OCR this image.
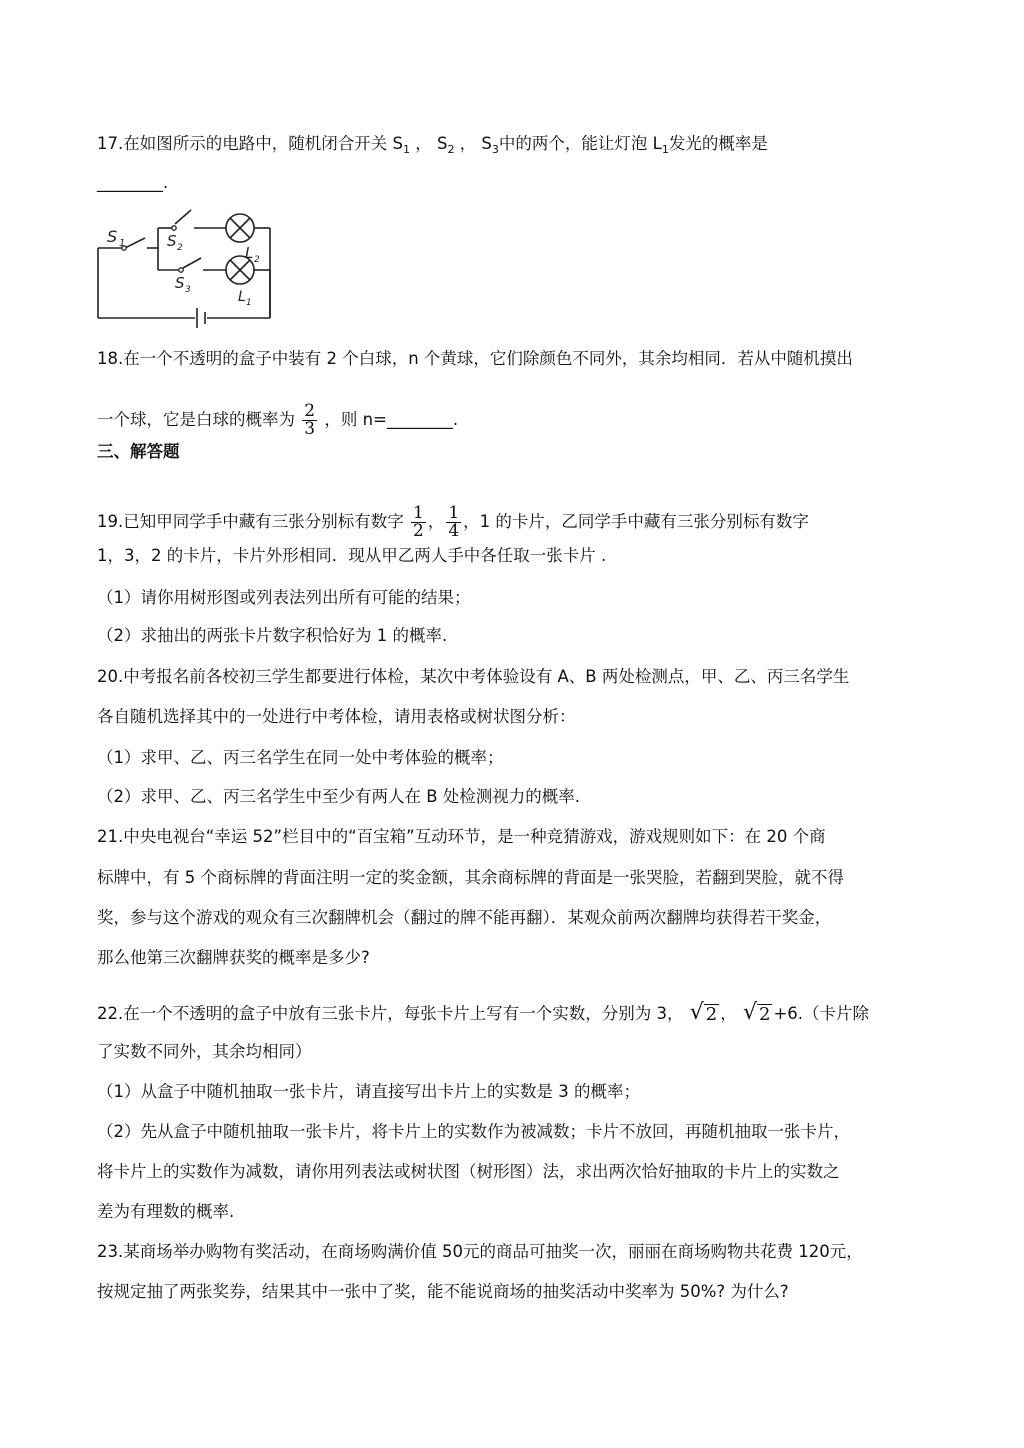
17.在如图所示的电路中，随机闭合开关 $S_1$ ， $S_2$ ， $S_3$中的两个，能让灯泡 $L_1$发光的概率是
________.
S 1	S 2
S 3
L 2
L 1
18.在一个不透明的盒子中装有 2 个白球，n 个黄球，它们除颜色不同外，其余均相同．若从中随机摸出
一个球，它是白球的概率为 $\frac{2}{3}$ ，则 n=________.
三、解答题
19.已知甲同学手中藏有三张分别标有数字 $\frac{1}{2}$ ， $\frac{1}{4}$ ，1 的卡片，乙同学手中藏有三张分别标有数字
1，3，2 的卡片，卡片外形相同．现从甲乙两人手中各任取一张卡片 .
（1）请你用树形图或列表法列出所有可能的结果；
（2）求抽出的两张卡片数字积恰好为 1 的概率.
20.中考报名前各校初三学生都要进行体检，某次中考体验设有 A、B 两处检测点，甲、乙、丙三名学生
各自随机选择其中的一处进行中考体检，请用表格或树状图分析：
（1）求甲、乙、丙三名学生在同一处中考体验的概率；
（2）求甲、乙、丙三名学生中至少有两人在 B 处检测视力的概率.
21.中央电视台“幸运 52”栏目中的“百宝箱”互动环节，是一种竞猜游戏，游戏规则如下：在 20 个商
标牌中，有 5 个商标牌的背面注明一定的奖金额，其余商标牌的背面是一张哭脸，若翻到哭脸，就不得
奖，参与这个游戏的观众有三次翻牌机会（翻过的牌不能再翻）．某观众前两次翻牌均获得若干奖金，
那么他第三次翻牌获奖的概率是多少?
22.在一个不透明的盒子中放有三张卡片，每张卡片上写有一个实数，分别为 3， √ 2 ， √ 2 +6.（卡片除
了实数不同外，其余均相同）
（1）从盒子中随机抽取一张卡片，请直接写出卡片上的实数是 3 的概率；
（2）先从盒子中随机抽取一张卡片，将卡片上的实数作为被减数；卡片不放回，再随机抽取一张卡片，
将卡片上的实数作为减数，请你用列表法或树状图（树形图）法，求出两次恰好抽取的卡片上的实数之
差为有理数的概率.
23.某商场举办购物有奖活动，在商场购满价值 50元的商品可抽奖一次，丽丽在商场购物共花费 120元，
按规定抽了两张奖券，结果其中一张中了奖，能不能说商场的抽奖活动中奖率为 50%? 为什么?
